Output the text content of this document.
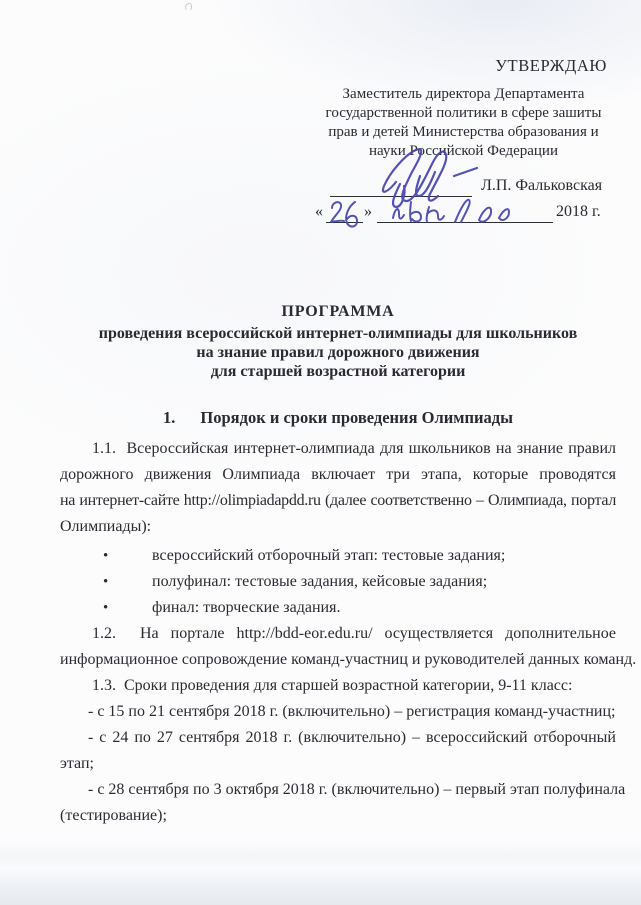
УТВЕРЖДАЮ
Заместитель директора Департамента
государственной политики в сфере зашиты
прав и детей Министерства образования и
науки Российской Федерации
Л.П. Фальковская
«	»	2018 г.
ПРОГРАММА
проведения всероссийской интернет-олимпиады для школьников
на знание правил дорожного движения
для старшей возрастной категории
1. Порядок и сроки проведения Олимпиады
1.1.  Всероссийская интернет-олимпиада для школьников на знание правил
дорожного движения Олимпиада включает три этапа, которые проводятся
на интернет-сайте http://olimpiadapdd.ru (далее соответственно – Олимпиада, портал
Олимпиады):
•	всероссийский отборочный этап: тестовые задания;
•	полуфинал: тестовые задания, кейсовые задания;
•	финал: творческие задания.
1.2.  На портале http://bdd-eor.edu.ru/ осуществляется дополнительное
информационное сопровождение команд-участниц и руководителей данных команд.
1.3.  Сроки проведения для старшей возрастной категории, 9-11 класс:
- с 15 по 21 сентября 2018 г. (включительно) – регистрация команд-участниц;
- с 24 по 27 сентября 2018 г. (включительно) – всероссийский отборочный
этап;
- с 28 сентября по 3 октября 2018 г. (включительно) – первый этап полуфинала
(тестирование);
